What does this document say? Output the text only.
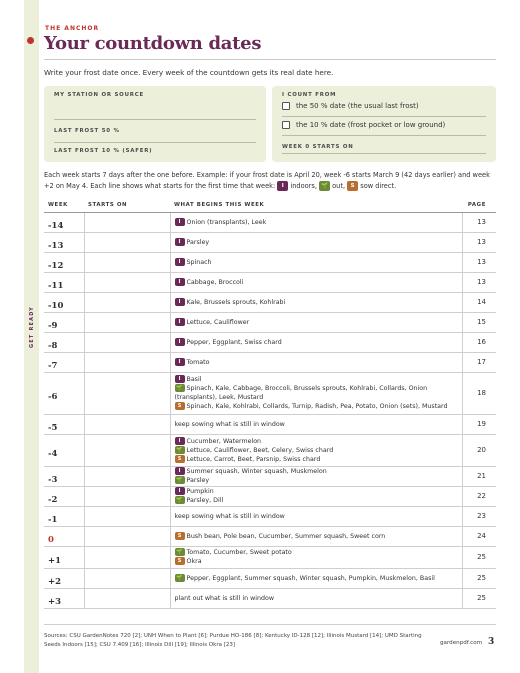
GET READY
THE ANCHOR
Your countdown dates
Write your frost date once. Every week of the countdown gets its real date here.
MY STATION OR SOURCE
LAST FROST 50 %
LAST FROST 10 % (SAFER)
I COUNT FROM
the 50 % date (the usual last frost)
the 10 % date (frost pocket or low ground)
WEEK 0 STARTS ON
Each week starts 7 days after the one before. Example: if your frost date is April 20, week -6 starts March 9 (42 days earlier) and week +2 on May 4. Each line shows what starts for the first time that week: I indoors, 🌱 out, S sow direct.
WEEK	STARTS ON	WHAT BEGINS THIS WEEK	PAGE
-14		I Onion (transplants), Leek	13
-13		I Parsley	13
-12		I Spinach	13
-11		I Cabbage, Broccoli	13
-10		I Kale, Brussels sprouts, Kohlrabi	14
-9		I Lettuce, Cauliflower	15
-8		I Pepper, Eggplant, Swiss chard	16
-7		I Tomato	17
-6		I Basil
🌱 Spinach, Kale, Cabbage, Broccoli, Brussels sprouts, Kohlrabi, Collards, Onion
(transplants), Leek, Mustard
S Spinach, Kale, Kohlrabi, Collards, Turnip, Radish, Pea, Potato, Onion (sets), Mustard	18
-5		keep sowing what is still in window	19
-4		I Cucumber, Watermelon
🌱 Lettuce, Cauliflower, Beet, Celery, Swiss chard
S Lettuce, Carrot, Beet, Parsnip, Swiss chard	20
-3		I Summer squash, Winter squash, Muskmelon
🌱 Parsley	21
-2		I Pumpkin
🌱 Parsley, Dill	22
-1		keep sowing what is still in window	23
0		S Bush bean, Pole bean, Cucumber, Summer squash, Sweet corn	24
+1		🌱 Tomato, Cucumber, Sweet potato
S Okra	25
+2		🌱 Pepper, Eggplant, Summer squash, Winter squash, Pumpkin, Muskmelon, Basil	25
+3		plant out what is still in window	25
Sources: CSU GardenNotes 720 [2]; UNH When to Plant [6]; Purdue HO-186 [8]; Kentucky ID-128 [12]; Illinois Mustard [14]; UMD Starting Seeds Indoors [15]; CSU 7.409 [16]; Illinois Dill [19]; Illinois Okra [23]	gardenpdf.com 3
